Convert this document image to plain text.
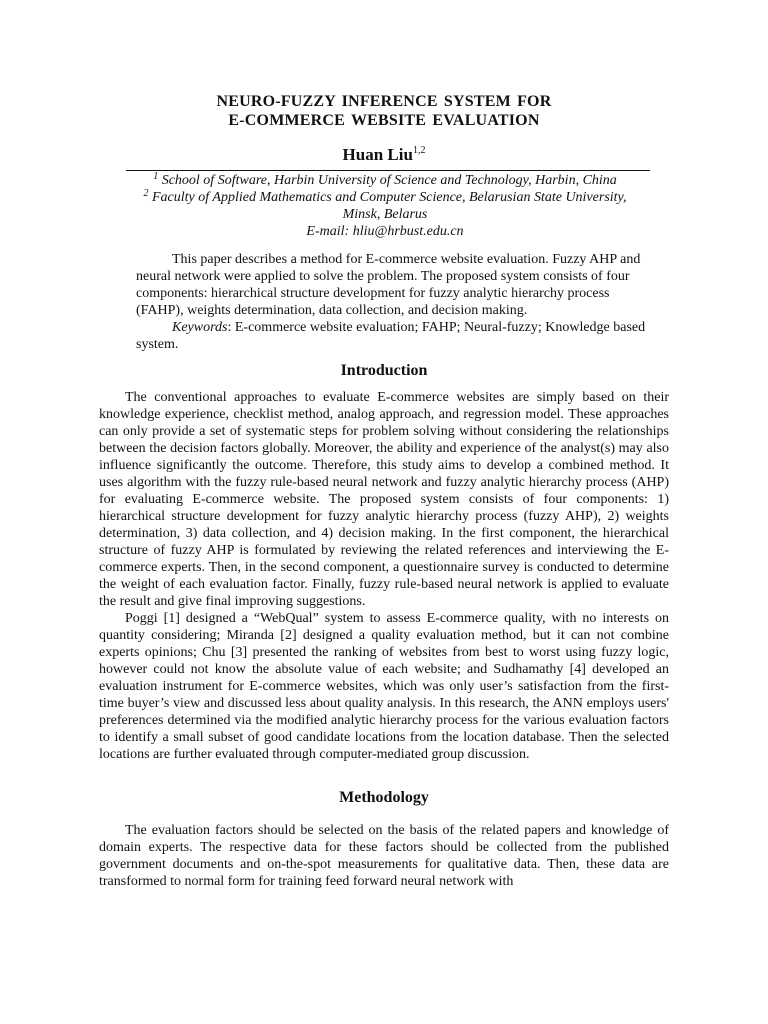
NEURO-FUZZY INFERENCE SYSTEM FOR
E-COMMERCE WEBSITE EVALUATION
Huan Liu$^{1,2}$
$^1$ School of Software, Harbin University of Science and Technology, Harbin, China
$^2$ Faculty of Applied Mathematics and Computer Science, Belarusian State University,
Minsk, Belarus
E-mail: hliu@hrbust.edu.cn

This paper describes a method for E-commerce website evaluation. Fuzzy AHP and neural network were applied to solve the problem. The proposed system consists of four components: hierarchical structure development for fuzzy analytic hierarchy process (FAHP), weights determination, data collection, and decision making.

Keywords: E-commerce website evaluation; FAHP; Neural-fuzzy; Knowledge based system.

Introduction

The conventional approaches to evaluate E-commerce websites are simply based on their knowledge experience, checklist method, analog approach, and regression model. These approaches can only provide a set of systematic steps for problem solving without considering the relationships between the decision factors globally. Moreover, the ability and experience of the analyst(s) may also influence significantly the outcome. Therefore, this study aims to develop a combined method. It uses algorithm with the fuzzy rule-based neural network and fuzzy analytic hierarchy process (AHP) for evaluating E-commerce website. The proposed system consists of four components: 1) hierarchical structure development for fuzzy analytic hierarchy process (fuzzy AHP), 2) weights determination, 3) data collection, and 4) decision making. In the first component, the hierarchical structure of fuzzy AHP is formulated by reviewing the related references and interviewing the E-commerce experts. Then, in the second component, a questionnaire survey is conducted to determine the weight of each evaluation factor. Finally, fuzzy rule-based neural network is applied to evaluate the result and give final improving suggestions.

Poggi [1] designed a “WebQual” system to assess E-commerce quality, with no interests on quantity considering; Miranda [2] designed a quality evaluation method, but it can not combine experts opinions; Chu [3] presented the ranking of websites from best to worst using fuzzy logic, however could not know the absolute value of each website; and Sudhamathy [4] developed an evaluation instrument for E-commerce websites, which was only user’s satisfaction from the first-time buyer’s view and discussed less about quality analysis. In this research, the ANN employs users' preferences determined via the modified analytic hierarchy process for the various evaluation factors to identify a small subset of good candidate locations from the location database. Then the selected locations are further evaluated through computer-mediated group discussion.

Methodology

The evaluation factors should be selected on the basis of the related papers and knowledge of domain experts. The respective data for these factors should be collected from the published government documents and on-the-spot measurements for qualitative data. Then, these data are transformed to normal form for training feed forward neural network with
